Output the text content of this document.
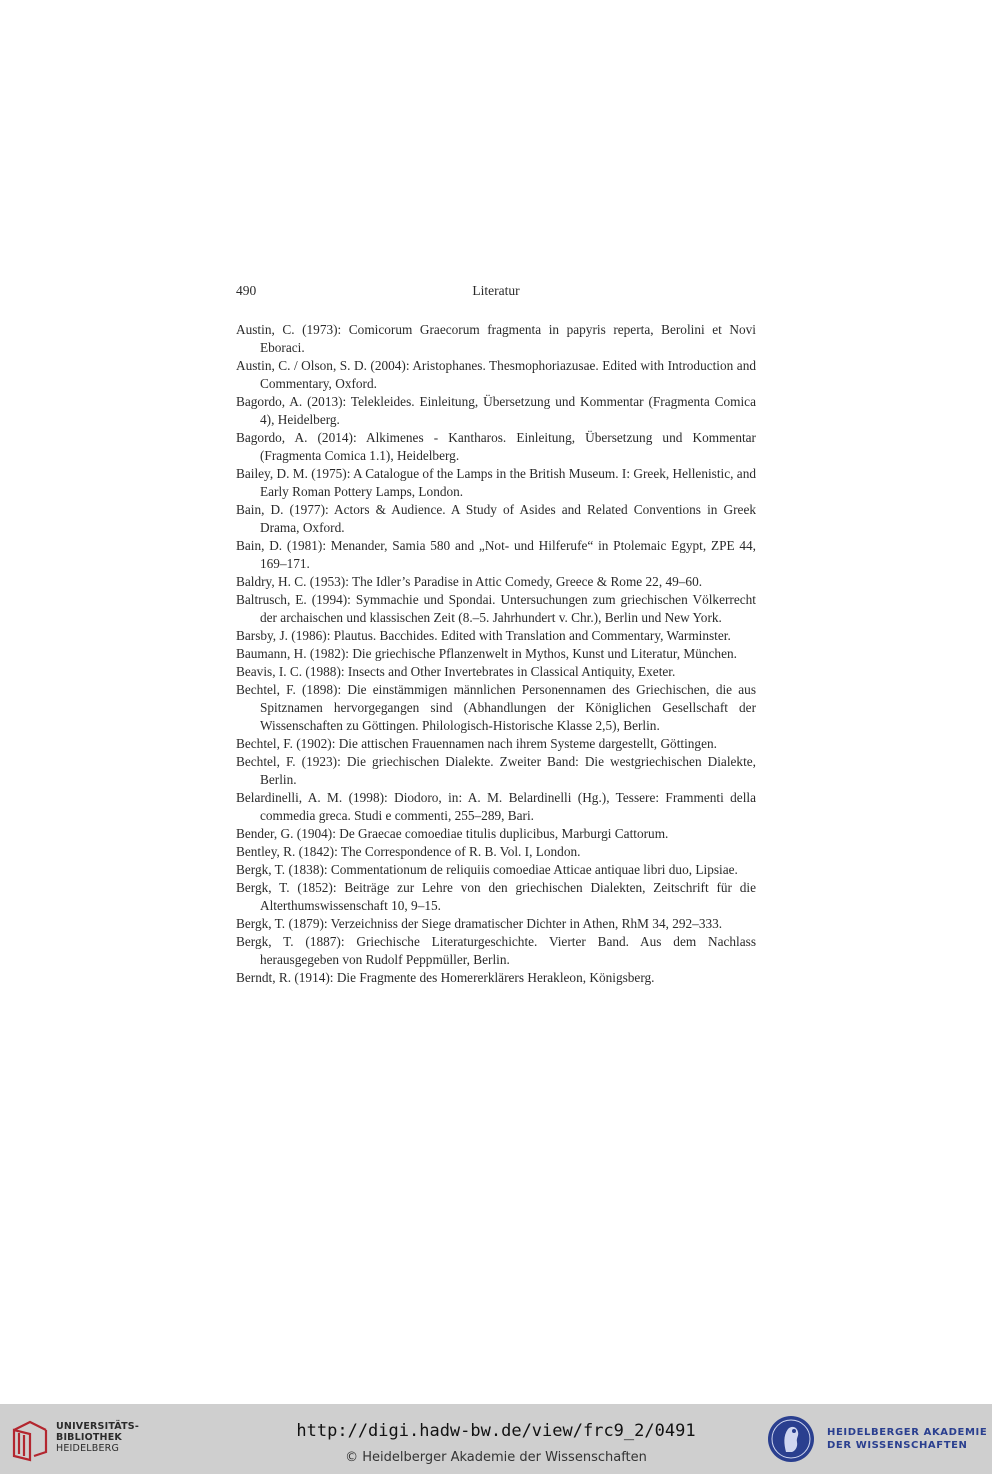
490	Literatur
Austin, C. (1973): Comicorum Graecorum fragmenta in papyris reperta, Berolini et Novi Eboraci.
Austin, C. / Olson, S. D. (2004): Aristophanes. Thesmophoriazusae. Edited with Introduction and Commentary, Oxford.
Bagordo, A. (2013): Telekleides. Einleitung, Übersetzung und Kommentar (Fragmenta Comica 4), Heidelberg.
Bagordo, A. (2014): Alkimenes - Kantharos. Einleitung, Übersetzung und Kommentar (Fragmenta Comica 1.1), Heidelberg.
Bailey, D. M. (1975): A Catalogue of the Lamps in the British Museum. I: Greek, Hellenistic, and Early Roman Pottery Lamps, London.
Bain, D. (1977): Actors & Audience. A Study of Asides and Related Conventions in Greek Drama, Oxford.
Bain, D. (1981): Menander, Samia 580 and „Not- und Hilferufe“ in Ptolemaic Egypt, ZPE 44, 169–171.
Baldry, H. C. (1953): The Idler’s Paradise in Attic Comedy, Greece & Rome 22, 49–60.
Baltrusch, E. (1994): Symmachie und Spondai. Untersuchungen zum griechischen Völkerrecht der archaischen und klassischen Zeit (8.–5. Jahrhundert v. Chr.), Berlin und New York.
Barsby, J. (1986): Plautus. Bacchides. Edited with Translation and Commentary, Warminster.
Baumann, H. (1982): Die griechische Pflanzenwelt in Mythos, Kunst und Literatur, München.
Beavis, I. C. (1988): Insects and Other Invertebrates in Classical Antiquity, Exeter.
Bechtel, F. (1898): Die einstämmigen männlichen Personennamen des Griechischen, die aus Spitznamen hervorgegangen sind (Abhandlungen der Königlichen Gesellschaft der Wissenschaften zu Göttingen. Philologisch-Historische Klasse 2,5), Berlin.
Bechtel, F. (1902): Die attischen Frauennamen nach ihrem Systeme dargestellt, Göttingen.
Bechtel, F. (1923): Die griechischen Dialekte. Zweiter Band: Die westgriechischen Dialekte, Berlin.
Belardinelli, A. M. (1998): Diodoro, in: A. M. Belardinelli (Hg.), Tessere: Frammenti della commedia greca. Studi e commenti, 255–289, Bari.
Bender, G. (1904): De Graecae comoediae titulis duplicibus, Marburgi Cattorum.
Bentley, R. (1842): The Correspondence of R. B. Vol. I, London.
Bergk, T. (1838): Commentationum de reliquiis comoediae Atticae antiquae libri duo, Lipsiae.
Bergk, T. (1852): Beiträge zur Lehre von den griechischen Dialekten, Zeitschrift für die Alterthumswissenschaft 10, 9–15.
Bergk, T. (1879): Verzeichniss der Siege dramatischer Dichter in Athen, RhM 34, 292–333.
Bergk, T. (1887): Griechische Literaturgeschichte. Vierter Band. Aus dem Nachlass herausgegeben von Rudolf Peppmüller, Berlin.
Berndt, R. (1914): Die Fragmente des Homererklärers Herakleon, Königsberg.
UNIVERSITÄTS-
BIBLIOTHEK
HEIDELBERG
http://digi.hadw-bw.de/view/frc9_2/0491
© Heidelberger Akademie der Wissenschaften
HEIDELBERGER AKADEMIE
DER WISSENSCHAFTEN
